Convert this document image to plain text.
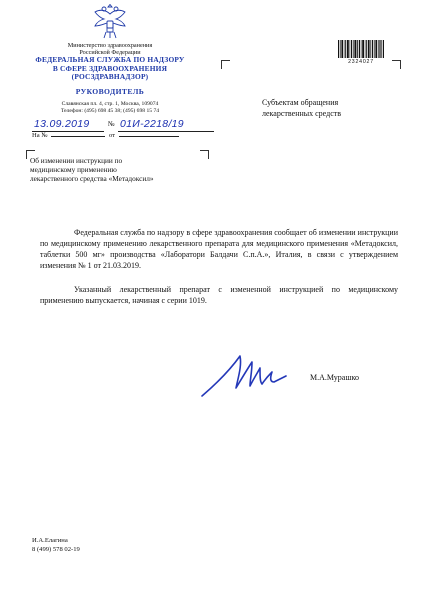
Министерство здравоохранения
Российской Федерации
ФЕДЕРАЛЬНАЯ СЛУЖБА ПО НАДЗОРУ
В СФЕРЕ ЗДРАВООХРАНЕНИЯ
(РОСЗДРАВНАДЗОР)
РУКОВОДИТЕЛЬ
Славянская пл. 4, стр. 1, Москва, 109074
Телефон: (495) 698 45 38; (495) 698 15 74
13.09.2019	№ 01И-2218/19
На №	от
Об изменении инструкции по
медицинскому применению
лекарственного средства «Метадоксил»
Субъектам обращения
лекарственных средств
2324027
Федеральная служба по надзору в сфере здравоохранения сообщает об изменении инструкции по медицинскому применению лекарственного препарата для медицинского применения «Метадоксил, таблетки 500 мг» производства «Лаборатори Балдачи С.п.А.», Италия, в связи с утверждением изменения № 1 от 21.03.2019.
Указанный лекарственный препарат с измененной инструкцией по медицинскому применению выпускается, начиная с серии 1019.
М.А.Мурашко
И.А.Елагина
8 (499) 578 02-19
